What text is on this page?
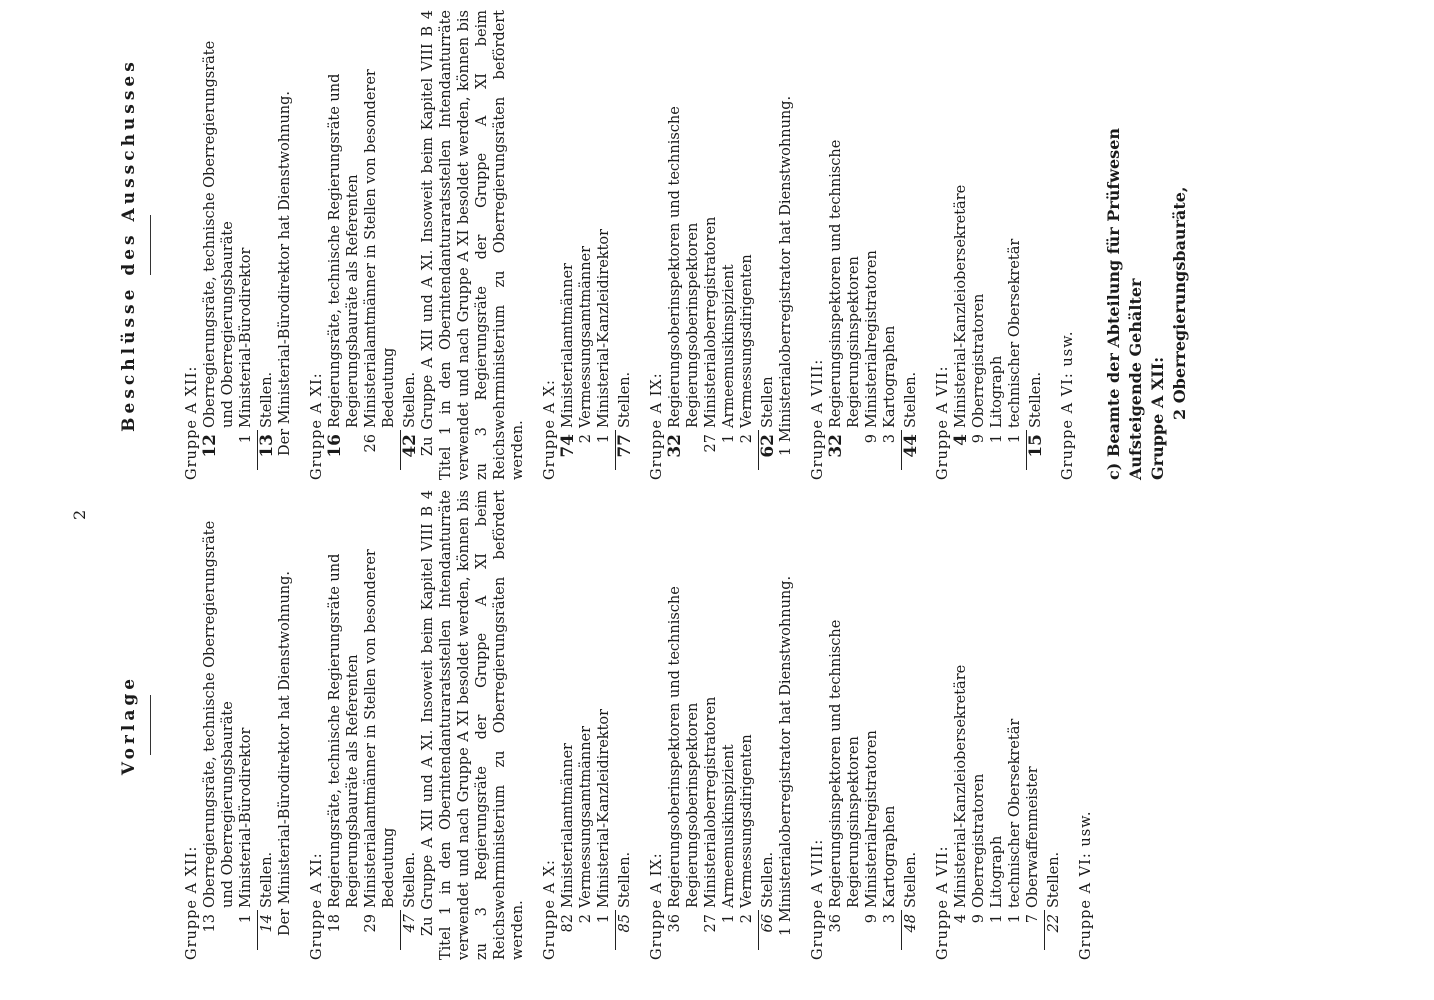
2
Vorlage
Gruppe A XII: 13
Oberregierungsräte, technische Oberregierungsräte und Oberregierungsbauräte
1
Ministerial-Bürodirektor
14
Stellen. Der Ministerial-Bürodirektor hat Dienstwohnung. Gruppe A XI: 18
Regierungsräte, technische Regierungsräte und Regierungsbauräte als Referenten
29
Ministerialamtmänner in Stellen von besonderer Bedeutung
47
Stellen. Zu Gruppe A XII und A XI. Insoweit beim Kapitel VIII B 4 Titel 1 in den Oberintendanturaratsstellen Intendanturräte verwendet und nach Gruppe A XI besoldet werden, können bis zu 3 Regierungsräte der Gruppe A XI beim Reichswehrministerium zu Oberregierungsräten befördert werden. Gruppe A X: 82
Ministerialamtmänner
2
Vermessungsamtmänner
1
Ministerial-Kanzleidirektor
85
Stellen. Gruppe A IX: 36
Regierungsoberinspektoren und technische Regierungsoberinspektoren
27
Ministerialoberregistratoren
1
Armeemusikinspizient
2
Vermessungsdirigenten
66
Stellen. 1 Ministerialoberregistrator hat Dienstwohnung. Gruppe A VIII: 36
Regierungsinspektoren und technische Regierungsinspektoren
9
Ministerialregistratoren
3
Kartographen
48
Stellen. Gruppe A VII: 4
Ministerial-Kanzleiobersekretäre
9
Oberregistratoren
1
Litograph
1
technischer Obersekretär
7
Oberwaffenmeister
22
Stellen. Gruppe A VI: usw.
Beschlüsse des Ausschusses	Gruppe A XII: 12
Oberregierungsräte, technische Oberregierungsräte und Oberregierungsbauräte
1
Ministerial-Bürodirektor
13
Stellen. Der Ministerial-Bürodirektor hat Dienstwohnung. Gruppe A XI: 16
Regierungsräte, technische Regierungsräte und Regierungsbauräte als Referenten
26
Ministerialamtmänner in Stellen von besonderer Bedeutung
42
Stellen. Zu Gruppe A XII und A XI. Insoweit beim Kapitel VIII B 4 Titel 1 in den Oberintendanturaratsstellen Intendanturräte verwendet und nach Gruppe A XI besoldet werden, können bis zu 3 Regierungsräte der Gruppe A XI beim Reichswehrministerium zu Oberregierungsräten befördert werden. Gruppe A X: 74
Ministerialamtmänner
2
Vermessungsamtmänner
1
Ministerial-Kanzleidirektor
77
Stellen. Gruppe A IX: 32
Regierungsoberinspektoren und technische Regierungsoberinspektoren
27
Ministerialoberregistratoren
1
Armeemusikinspizient
2
Vermessungsdirigenten
62
Stellen 1 Ministerialoberregistrator hat Dienstwohnung. Gruppe A VIII: 32
Regierungsinspektoren und technische Regierungsinspektoren
9
Ministerialregistratoren
3
Kartographen
44
Stellen. Gruppe A VII: 4
Ministerial-Kanzleiobersekretäre
9
Oberregistratoren
1
Litograph
1
technischer Obersekretär
15
Stellen. Gruppe A VI: usw. c) Beamte der Abteilung für Prüfwesen Aufsteigende Gehälter Gruppe A XII: 2 Oberregierungsbauräte,
